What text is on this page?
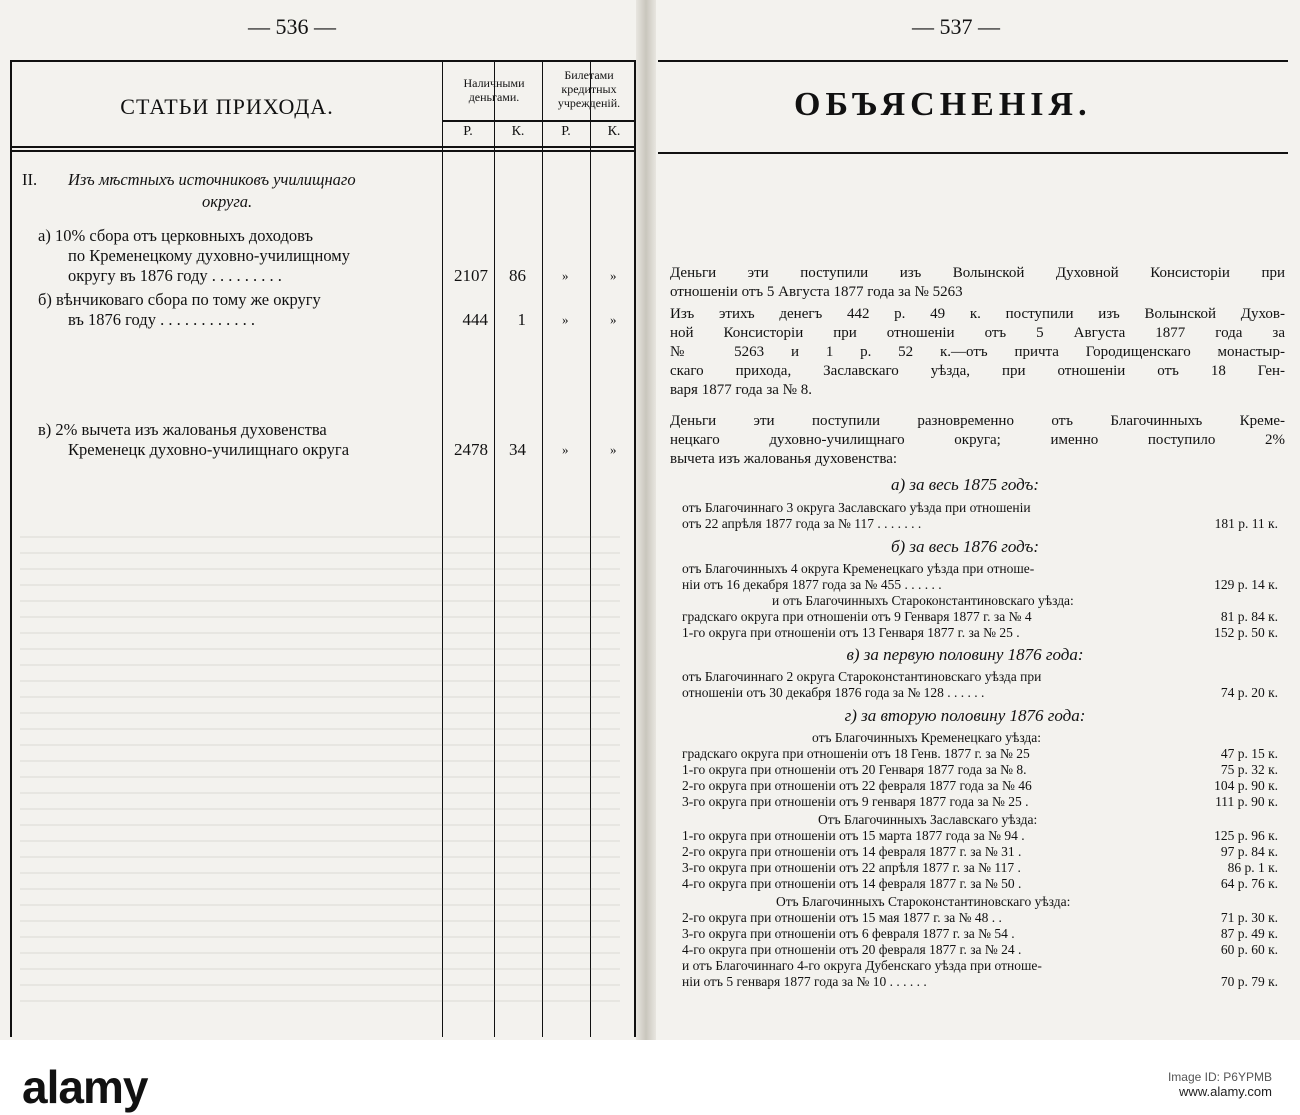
— 536 —
СТАТЬИ ПРИХОДА.
Наличными деньгами.
Билетами кредитных учрежденій.
Р.	К.	Р.	К.
II. Изъ мѣстныхъ источниковъ училищнаго
округа.
а) 10% сбора отъ церковныхъ доходовъ
по Кременецкому духовно-училищному
округу въ 1876 году . . . . . . . . .	2107	86	»	»
б) вѣнчиковаго сбора по тому же округу
въ 1876 году . . . . . . . . . . . .	444	1	»	»
в) 2% вычета изъ жалованья духовенства
Кременецк духовно-училищнаго округа	2478	34	»	»
— 537 —
ОБЪЯСНЕНІЯ.
Деньги эти поступили изъ Волынской Духовной Консисторіи при
отношеніи отъ 5 Августа 1877 года за № 5263
Изъ этихъ денегъ 442 р. 49 к. поступили изъ Волынской Духов-
ной Консисторіи при отношеніи отъ 5 Августа 1877 года за
№ 5263 и 1 р. 52 к.—отъ причта Городищенскаго монастыр-
скаго прихода, Заславскаго уѣзда, при отношеніи отъ 18 Ген-
варя 1877 года за № 8.
Деньги эти поступили разновременно отъ Благочинныхъ Креме-
нецкаго духовно-училищнаго округа; именно поступило 2%
вычета изъ жалованья духовенства:
а) за весь 1875 годъ:
отъ Благочиннаго 3 округа Заславскаго уѣзда при отношеніи
отъ 22 апрѣля 1877 года за № 117 . . . . . . .	181 р. 11 к.
б) за весь 1876 годъ:
отъ Благочинныхъ 4 округа Кременецкаго уѣзда при отноше-
ніи отъ 16 декабря 1877 года за № 455 . . . . . .	129 р. 14 к.
и отъ Благочинныхъ Староконстантиновскаго уѣзда:
градскаго округа при отношеніи отъ 9 Генваря 1877 г. за № 4	81 р. 84 к.
1-го округа при отношеніи отъ 13 Генваря 1877 г. за № 25 .	152 р. 50 к.
в) за первую половину 1876 года:
отъ Благочиннаго 2 округа Староконстантиновскаго уѣзда при
отношеніи отъ 30 декабря 1876 года за № 128 . . . . . .	74 р. 20 к.
г) за вторую половину 1876 года:
отъ Благочинныхъ Кременецкаго уѣзда:
градскаго округа при отношеніи отъ 18 Генв. 1877 г. за № 25	47 р. 15 к.
1-го округа при отношеніи отъ 20 Генваря 1877 года за № 8.	75 р. 32 к.
2-го округа при отношеніи отъ 22 февраля 1877 года за № 46	104 р. 90 к.
3-го округа при отношеніи отъ 9 генваря 1877 года за № 25 .	111 р. 90 к.
Отъ Благочинныхъ Заславскаго уѣзда:
1-го округа при отношеніи отъ 15 марта 1877 года за № 94 .	125 р. 96 к.
2-го округа при отношеніи отъ 14 февраля 1877 г. за № 31 .	97 р. 84 к.
3-го округа при отношеніи отъ 22 апрѣля 1877 г. за № 117 .	86 р. 1 к.
4-го округа при отношеніи отъ 14 февраля 1877 г. за № 50 .	64 р. 76 к.
Отъ Благочинныхъ Староконстантиновскаго уѣзда:
2-го округа при отношеніи отъ 15 мая 1877 г. за № 48 . .	71 р. 30 к.
3-го округа при отношеніи отъ 6 февраля 1877 г. за № 54 .	87 р. 49 к.
4-го округа при отношеніи отъ 20 февраля 1877 г. за № 24 .	60 р. 60 к.
и отъ Благочиннаго 4-го округа Дубенскаго уѣзда при отноше-
ніи отъ 5 генваря 1877 года за № 10 . . . . . .	70 р. 79 к.
alamy	Image ID: P6YPMB
www.alamy.com
